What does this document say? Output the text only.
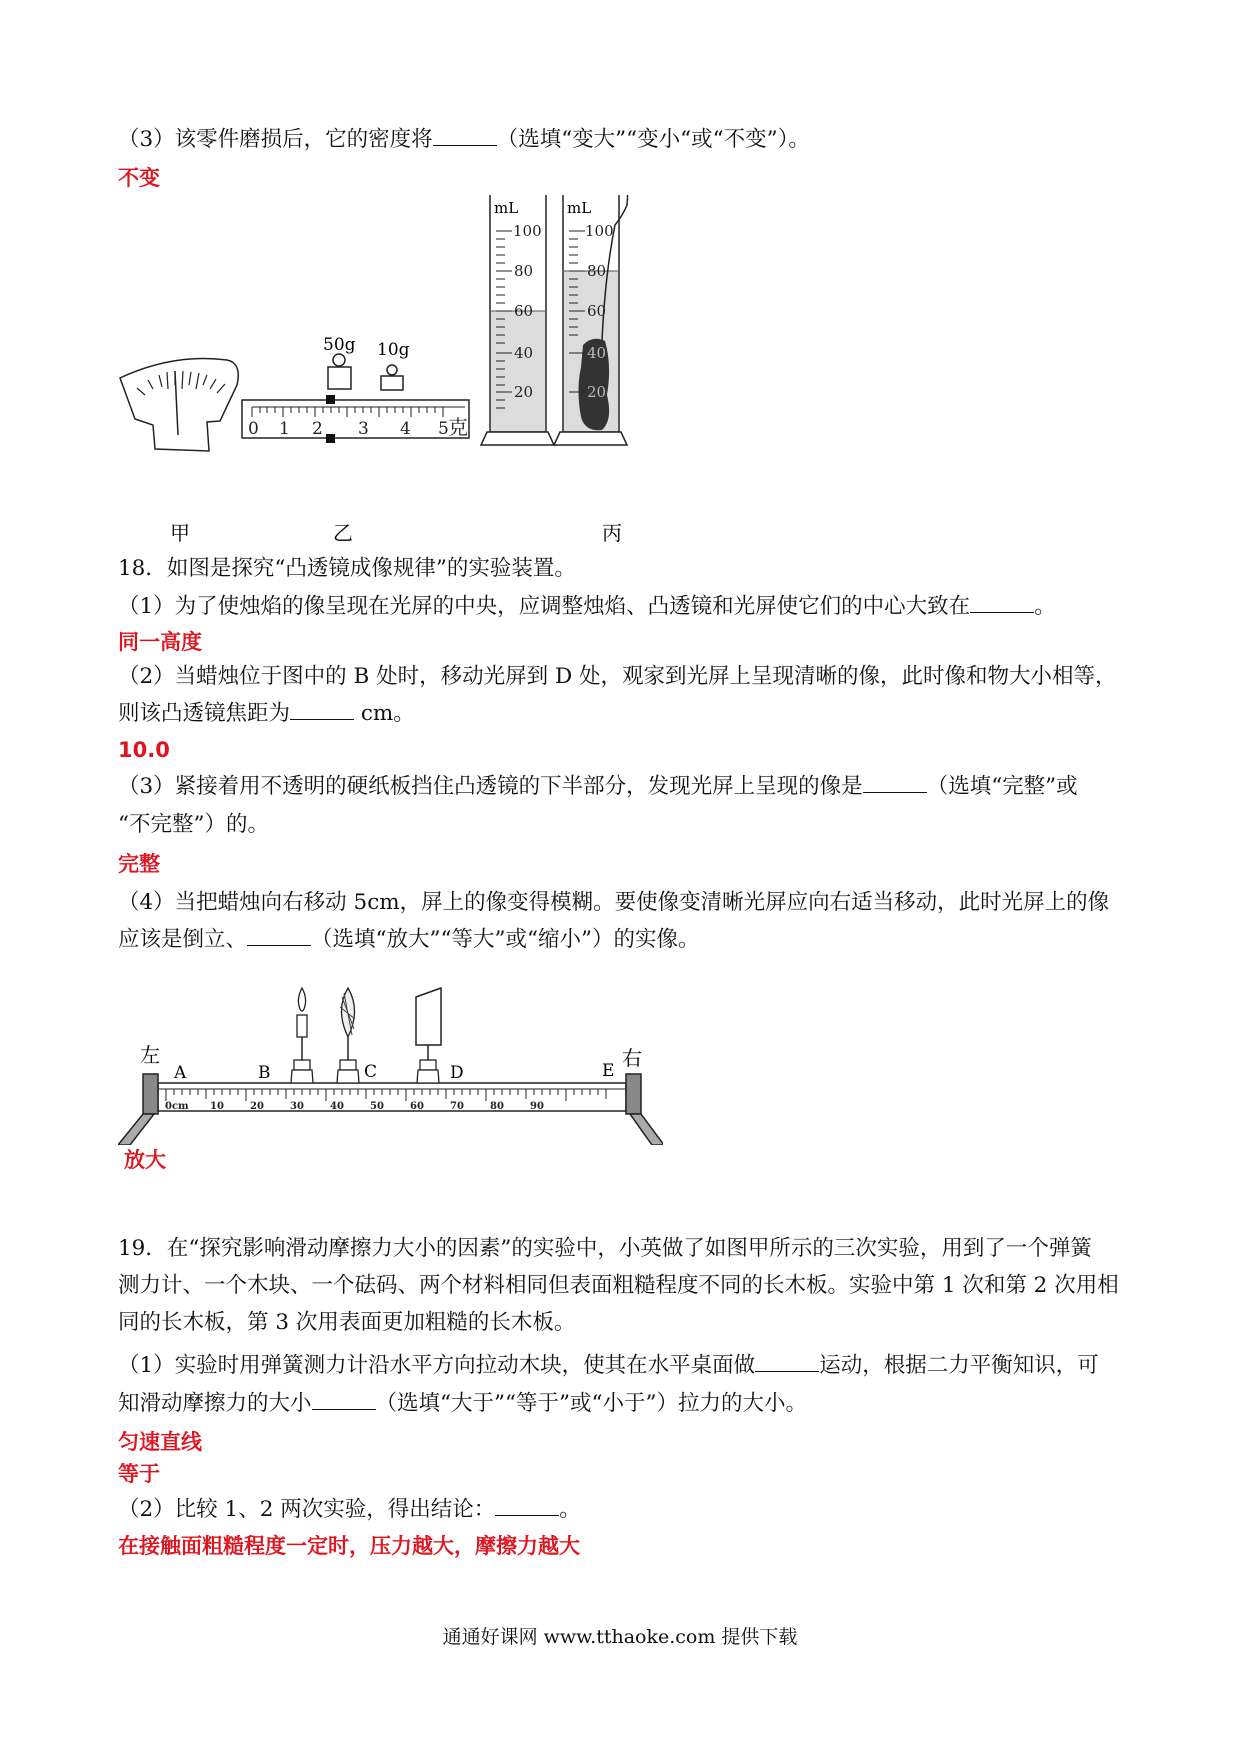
（3）该零件磨损后，它的密度将	（选填“变大”“变小“或“不变”）。
不变
甲
0 1 2 3 4 5 克
50g 10g
乙
mL
100
80
60
40
20
mL
100
80
60
40
20
丙
18．如图是探究“凸透镜成像规律”的实验装置。
（1）为了使烛焰的像呈现在光屏的中央，应调整烛焰、凸透镜和光屏使它们的中心大致在	。
同一高度
（2）当蜡烛位于图中的 B 处时，移动光屏到 D 处，观家到光屏上呈现清晰的像，此时像和物大小相等，
则该凸透镜焦距为	cm。
10.0
（3）紧接着用不透明的硬纸板挡住凸透镜的下半部分，发现光屏上呈现的像是	（选填“完整”或
“不完整”）的。
完整
（4）当把蜡烛向右移动 5cm，屏上的像变得模糊。要使像变清晰光屏应向右适当移动，此时光屏上的像
应该是倒立、	（选填“放大”“等大”或“缩小”）的实像。
0cm 10	20	30	40	50	60	70	80	90
左	右
A	B	C	D	E
放大
19．在“探究影响滑动摩擦力大小的因素”的实验中，小英做了如图甲所示的三次实验，用到了一个弹簧
测力计、一个木块、一个砝码、两个材料相同但表面粗糙程度不同的长木板。实验中第 1 次和第 2 次用相
同的长木板，第 3 次用表面更加粗糙的长木板。
（1）实验时用弹簧测力计沿水平方向拉动木块，使其在水平桌面做	运动，根据二力平衡知识，可
知滑动摩擦力的大小	（选填“大于”“等于”或“小于”）拉力的大小。
匀速直线
等于
（2）比较 1、2 两次实验，得出结论：	。
在接触面粗糙程度一定时，压力越大，摩擦力越大
通通好课网 www.tthaoke.com 提供下载
